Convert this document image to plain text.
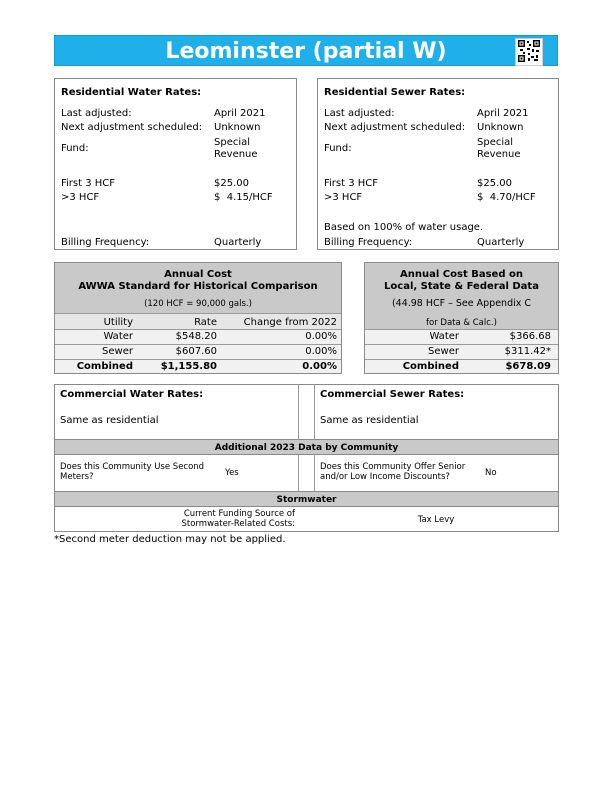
Leominster (partial W)
Residential Water Rates:
Last adjusted:	April 2021
Next adjustment scheduled: Unknown
Fund:
Special
Revenue
First 3 HCF	$25.00
>3 HCF	$  4.15/HCF
Billing Frequency:	Quarterly
Residential Sewer Rates:
Last adjusted:	April 2021
Next adjustment scheduled: Unknown
Fund:
Special
Revenue
First 3 HCF	$25.00
>3 HCF	$  4.70/HCF
Based on 100% of water usage.
Billing Frequency:	Quarterly
Annual Cost
AWWA Standard for Historical Comparison
(120 HCF = 90,000 gals.)
Utility	Rate	Change from 2022
Water	$548.20	0.00%
Sewer	$607.60	0.00%
Combined	$1,155.80	0.00%
Annual Cost Based on
Local, State & Federal Data
(44.98 HCF – See Appendix C
for Data & Calc.)
Water	$366.68
Sewer	$311.42*
Combined	$678.09
Commercial Water Rates:
Same as residential
Commercial Sewer Rates:
Same as residential
Additional 2023 Data by Community
Does this Community Use Second
Meters?	Yes
Does this Community Offer Senior
and/or Low Income Discounts?	No
Stormwater
Current Funding Source of
Stormwater-Related Costs:	Tax Levy
*Second meter deduction may not be applied.
